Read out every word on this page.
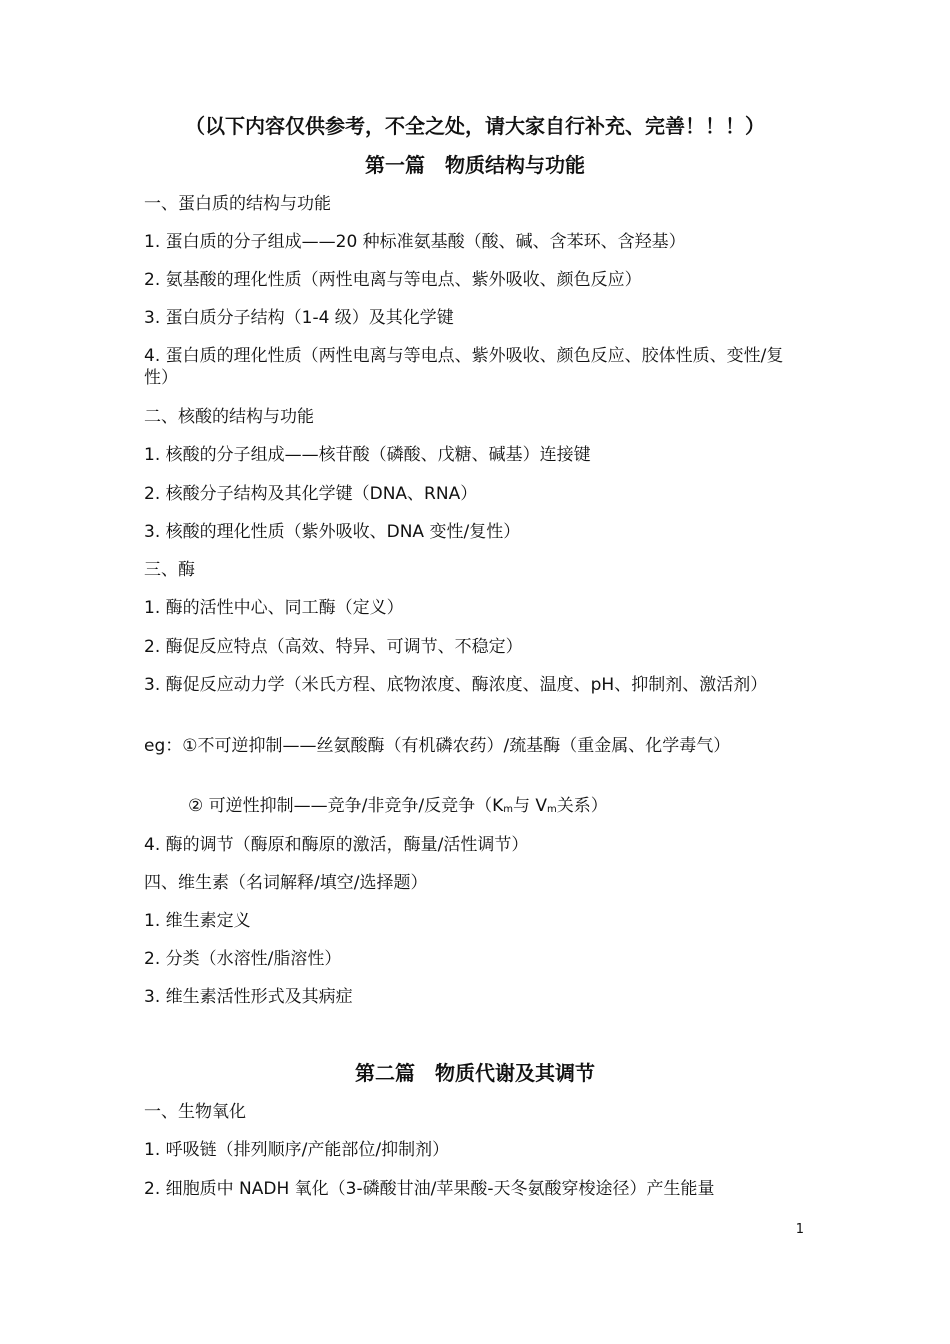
（以下内容仅供参考，不全之处，请大家自行补充、完善！！！）
第一篇　物质结构与功能
一、蛋白质的结构与功能
1. 蛋白质的分子组成——20 种标准氨基酸（酸、碱、含苯环、含羟基）
2. 氨基酸的理化性质（两性电离与等电点、紫外吸收、颜色反应）
3. 蛋白质分子结构（1-4 级）及其化学键
4. 蛋白质的理化性质（两性电离与等电点、紫外吸收、颜色反应、胶体性质、变性/复性）
二、核酸的结构与功能
1. 核酸的分子组成——核苷酸（磷酸、戊糖、碱基）连接键
2. 核酸分子结构及其化学键（DNA、RNA）
3. 核酸的理化性质（紫外吸收、DNA 变性/复性）
三、酶
1. 酶的活性中心、同工酶（定义）
2. 酶促反应特点（高效、特异、可调节、不稳定）
3. 酶促反应动力学（米氏方程、底物浓度、酶浓度、温度、pH、抑制剂、激活剂）
eg：①不可逆抑制——丝氨酸酶（有机磷农药）/巯基酶（重金属、化学毒气）
② 可逆性抑制——竞争/非竞争/反竞争（$K_m$与 $V_m$关系）
4. 酶的调节（酶原和酶原的激活，酶量/活性调节）
四、维生素（名词解释/填空/选择题）
1. 维生素定义
2. 分类（水溶性/脂溶性）
3. 维生素活性形式及其病症
第二篇　物质代谢及其调节
一、生物氧化
1. 呼吸链（排列顺序/产能部位/抑制剂）
2. 细胞质中 NADH 氧化（3-磷酸甘油/苹果酸-天冬氨酸穿梭途径）产生能量
1
